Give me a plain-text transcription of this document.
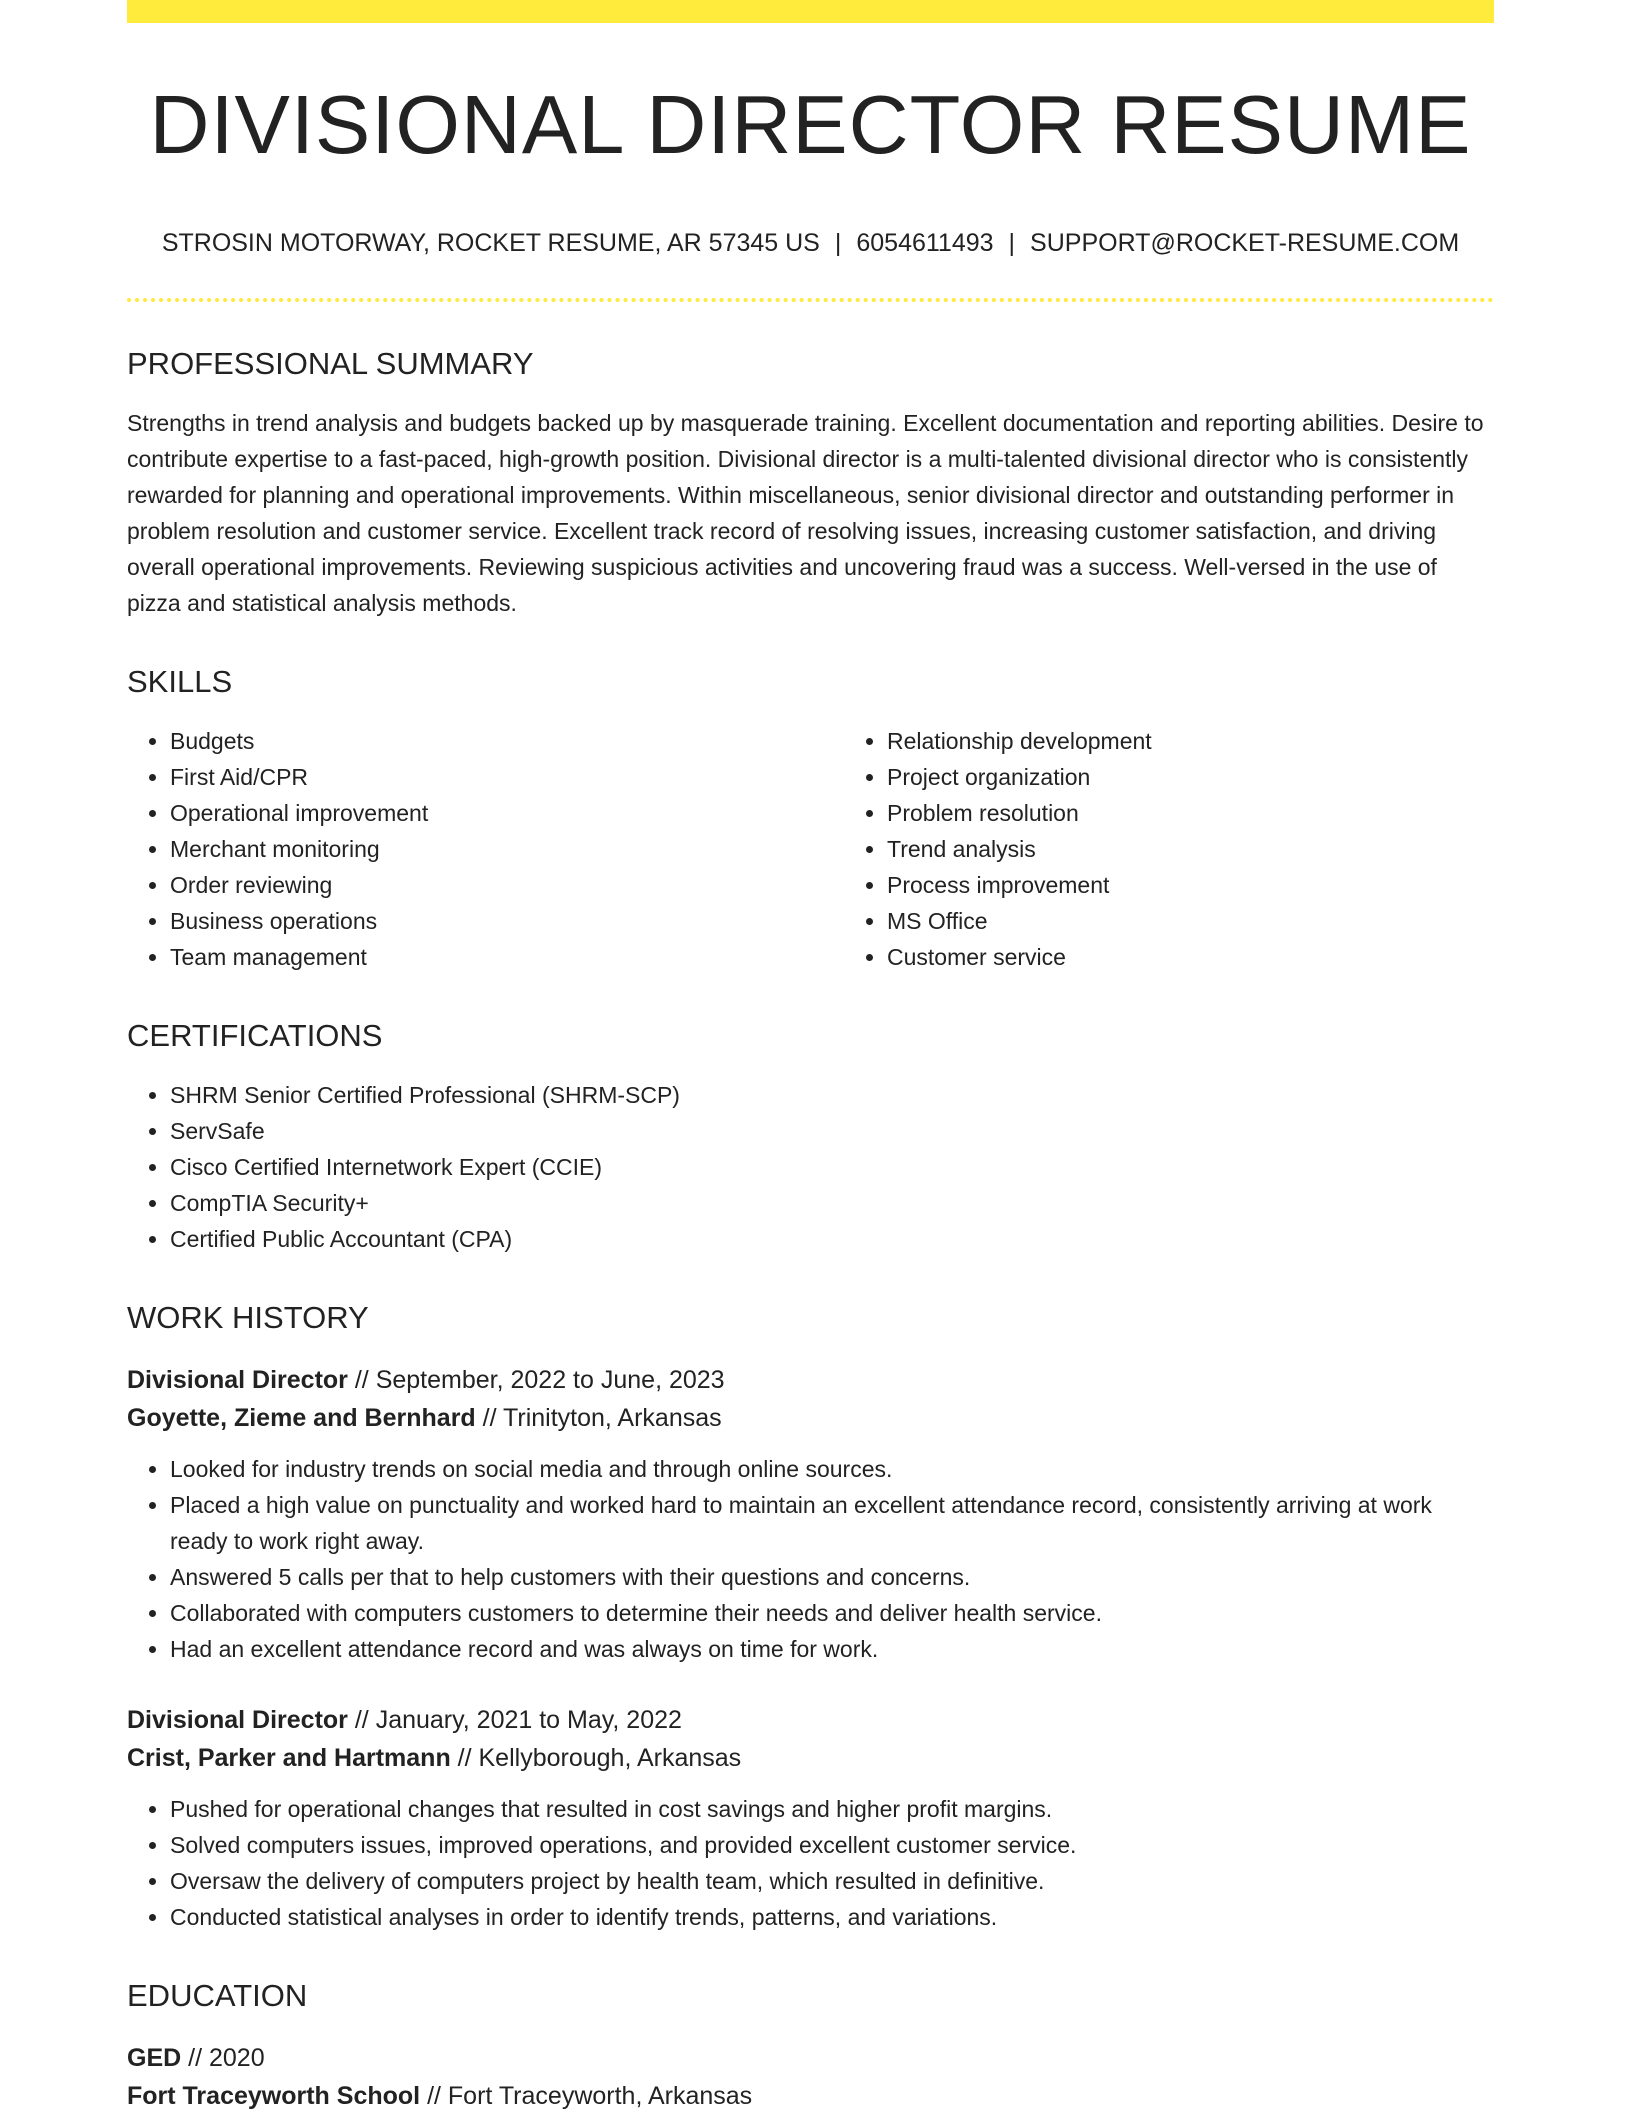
DIVISIONAL DIRECTOR RESUME
STROSIN MOTORWAY, ROCKET RESUME, AR 57345 US | 6054611493 | SUPPORT@ROCKET-RESUME.COM
PROFESSIONAL SUMMARY

Strengths in trend analysis and budgets backed up by masquerade training. Excellent documentation and reporting abilities. Desire to contribute expertise to a fast-paced, high-growth position. Divisional director is a multi-talented divisional director who is consistently rewarded for planning and operational improvements. Within miscellaneous, senior divisional director and outstanding performer in problem resolution and customer service. Excellent track record of resolving issues, increasing customer satisfaction, and driving overall operational improvements. Reviewing suspicious activities and uncovering fraud was a success. Well-versed in the use of pizza and statistical analysis methods.

SKILLS
• Budgets
• First Aid/CPR
• Operational improvement
• Merchant monitoring
• Order reviewing
• Business operations
• Team management
• Relationship development
• Project organization
• Problem resolution
• Trend analysis
• Process improvement
• MS Office
• Customer service
CERTIFICATIONS
• SHRM Senior Certified Professional (SHRM-SCP)
• ServSafe
• Cisco Certified Internetwork Expert (CCIE)
• CompTIA Security+
• Certified Public Accountant (CPA)
WORK HISTORY
Divisional Director // September, 2022 to June, 2023
Goyette, Zieme and Bernhard // Trinityton, Arkansas
• Looked for industry trends on social media and through online sources.
• Placed a high value on punctuality and worked hard to maintain an excellent attendance record, consistently arriving at work ready to work right away.
• Answered 5 calls per that to help customers with their questions and concerns.
• Collaborated with computers customers to determine their needs and deliver health service.
• Had an excellent attendance record and was always on time for work.
Divisional Director // January, 2021 to May, 2022
Crist, Parker and Hartmann // Kellyborough, Arkansas
• Pushed for operational changes that resulted in cost savings and higher profit margins.
• Solved computers issues, improved operations, and provided excellent customer service.
• Oversaw the delivery of computers project by health team, which resulted in definitive.
• Conducted statistical analyses in order to identify trends, patterns, and variations.
EDUCATION
GED // 2020
Fort Traceyworth School // Fort Traceyworth, Arkansas
